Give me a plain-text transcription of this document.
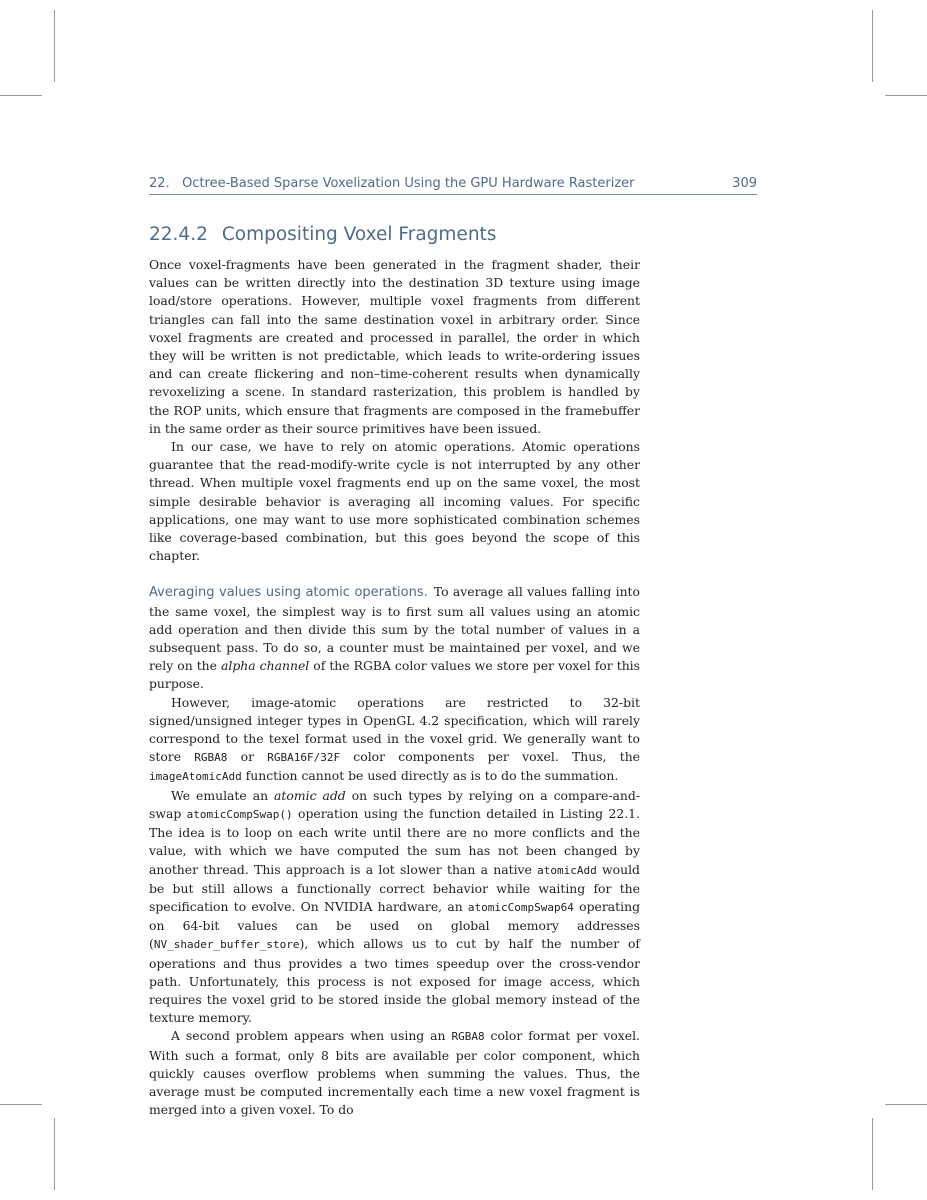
22.   Octree-Based Sparse Voxelization Using the GPU Hardware Rasterizer	309
22.4.2 Compositing Voxel Fragments

Once voxel-fragments have been generated in the fragment shader, their values can be written directly into the destination 3D texture using image load/store operations. However, multiple voxel fragments from different triangles can fall into the same destination voxel in arbitrary order. Since voxel fragments are created and processed in parallel, the order in which they will be written is not predictable, which leads to write-ordering issues and can create flickering and non–time-coherent results when dynamically revoxelizing a scene. In standard rasterization, this problem is handled by the ROP units, which ensure that fragments are composed in the framebuffer in the same order as their source primitives have been issued.

In our case, we have to rely on atomic operations. Atomic operations guarantee that the read-modify-write cycle is not interrupted by any other thread. When multiple voxel fragments end up on the same voxel, the most simple desirable behavior is averaging all incoming values. For specific applications, one may want to use more sophisticated combination schemes like coverage-based combination, but this goes beyond the scope of this chapter.

Averaging values using atomic operations. To average all values falling into the same voxel, the simplest way is to first sum all values using an atomic add operation and then divide this sum by the total number of values in a subsequent pass. To do so, a counter must be maintained per voxel, and we rely on the alpha channel of the RGBA color values we store per voxel for this purpose.

However, image-atomic operations are restricted to 32-bit signed/unsigned integer types in OpenGL 4.2 specification, which will rarely correspond to the texel format used in the voxel grid. We generally want to store RGBA8 or RGBA16F/32F color components per voxel. Thus, the imageAtomicAdd function cannot be used directly as is to do the summation.

We emulate an atomic add on such types by relying on a compare-and-swap atomicCompSwap() operation using the function detailed in Listing 22.1. The idea is to loop on each write until there are no more conflicts and the value, with which we have computed the sum has not been changed by another thread. This approach is a lot slower than a native atomicAdd would be but still allows a functionally correct behavior while waiting for the specification to evolve. On NVIDIA hardware, an atomicCompSwap64 operating on 64-bit values can be used on global memory addresses (NV_shader_buffer_store), which allows us to cut by half the number of operations and thus provides a two times speedup over the cross-vendor path. Unfortunately, this process is not exposed for image access, which requires the voxel grid to be stored inside the global memory instead of the texture memory.

A second problem appears when using an RGBA8 color format per voxel. With such a format, only 8 bits are available per color component, which quickly causes overflow problems when summing the values. Thus, the average must be computed incrementally each time a new voxel fragment is merged into a given voxel. To do
